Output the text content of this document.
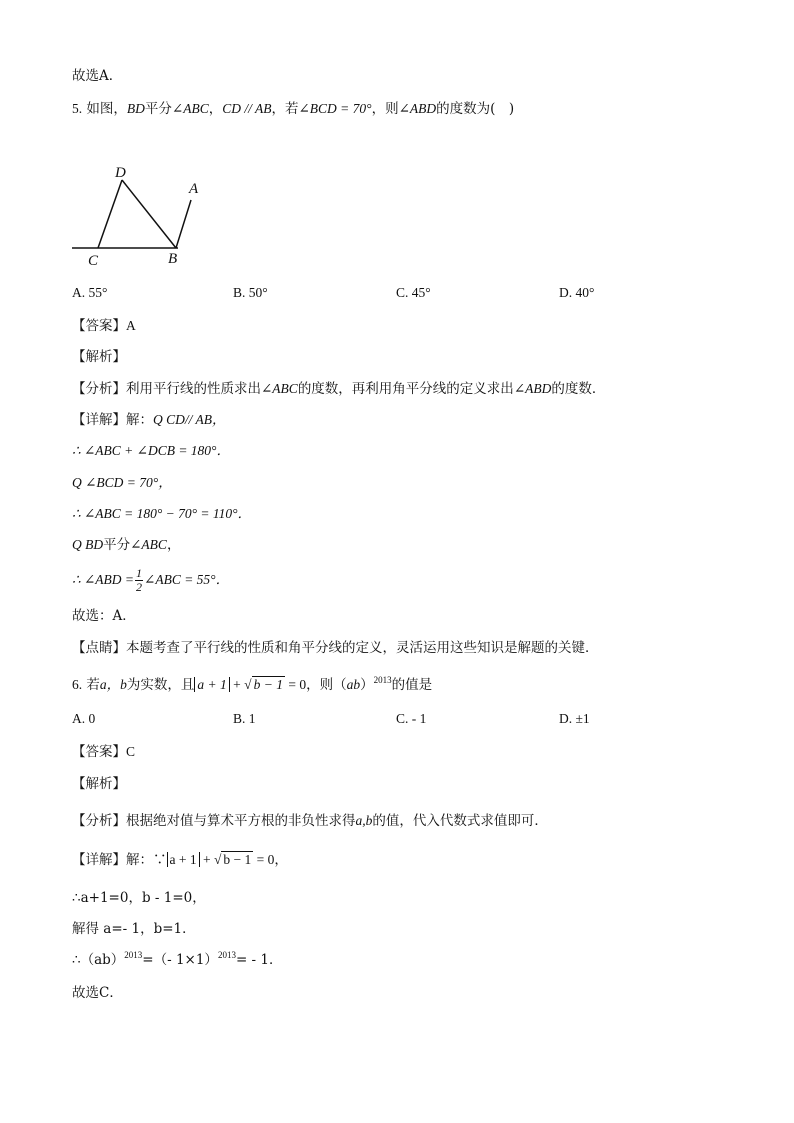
故选A．
5. 如图，BD平分∠ABC，CD // AB，若∠BCD = 70°，则∠ABD的度数为(　)
D
A
C	B
A. 55°	B. 50°	C. 45°	D. 40°
【答案】A
【解析】
【分析】利用平行线的性质求出∠ABC的度数，再利用角平分线的定义求出∠ABD的度数．
【详解】解：Q CD// AB，
∴ ∠ABC + ∠DCB = 180°．
Q ∠BCD = 70°，
∴ ∠ABC = 180° − 70° = 110°．
Q BD平分∠ABC，
∴ ∠ABD = $\frac{1}{2}$ ∠ABC = 55°．
故选：A．
【点睛】本题考查了平行线的性质和角平分线的定义，灵活运用这些知识是解题的关键．
6. 若a，b为实数，且 a + 1 + √ b − 1 = 0，则（ab）$^{2013}$的值是
A. 0	B. 1	C. - 1	D. ±1
【答案】C
【解析】
【分析】根据绝对值与算术平方根的非负性求得a,b的值，代入代数式求值即可．
【详解】解：∵ a + 1 + √ b − 1 = 0，
∴a+1=0，b - 1=0，
解得 a=- 1，b=1．
∴（ab）$^{2013}$=（- 1×1）$^{2013}$= - 1．
故选C．
